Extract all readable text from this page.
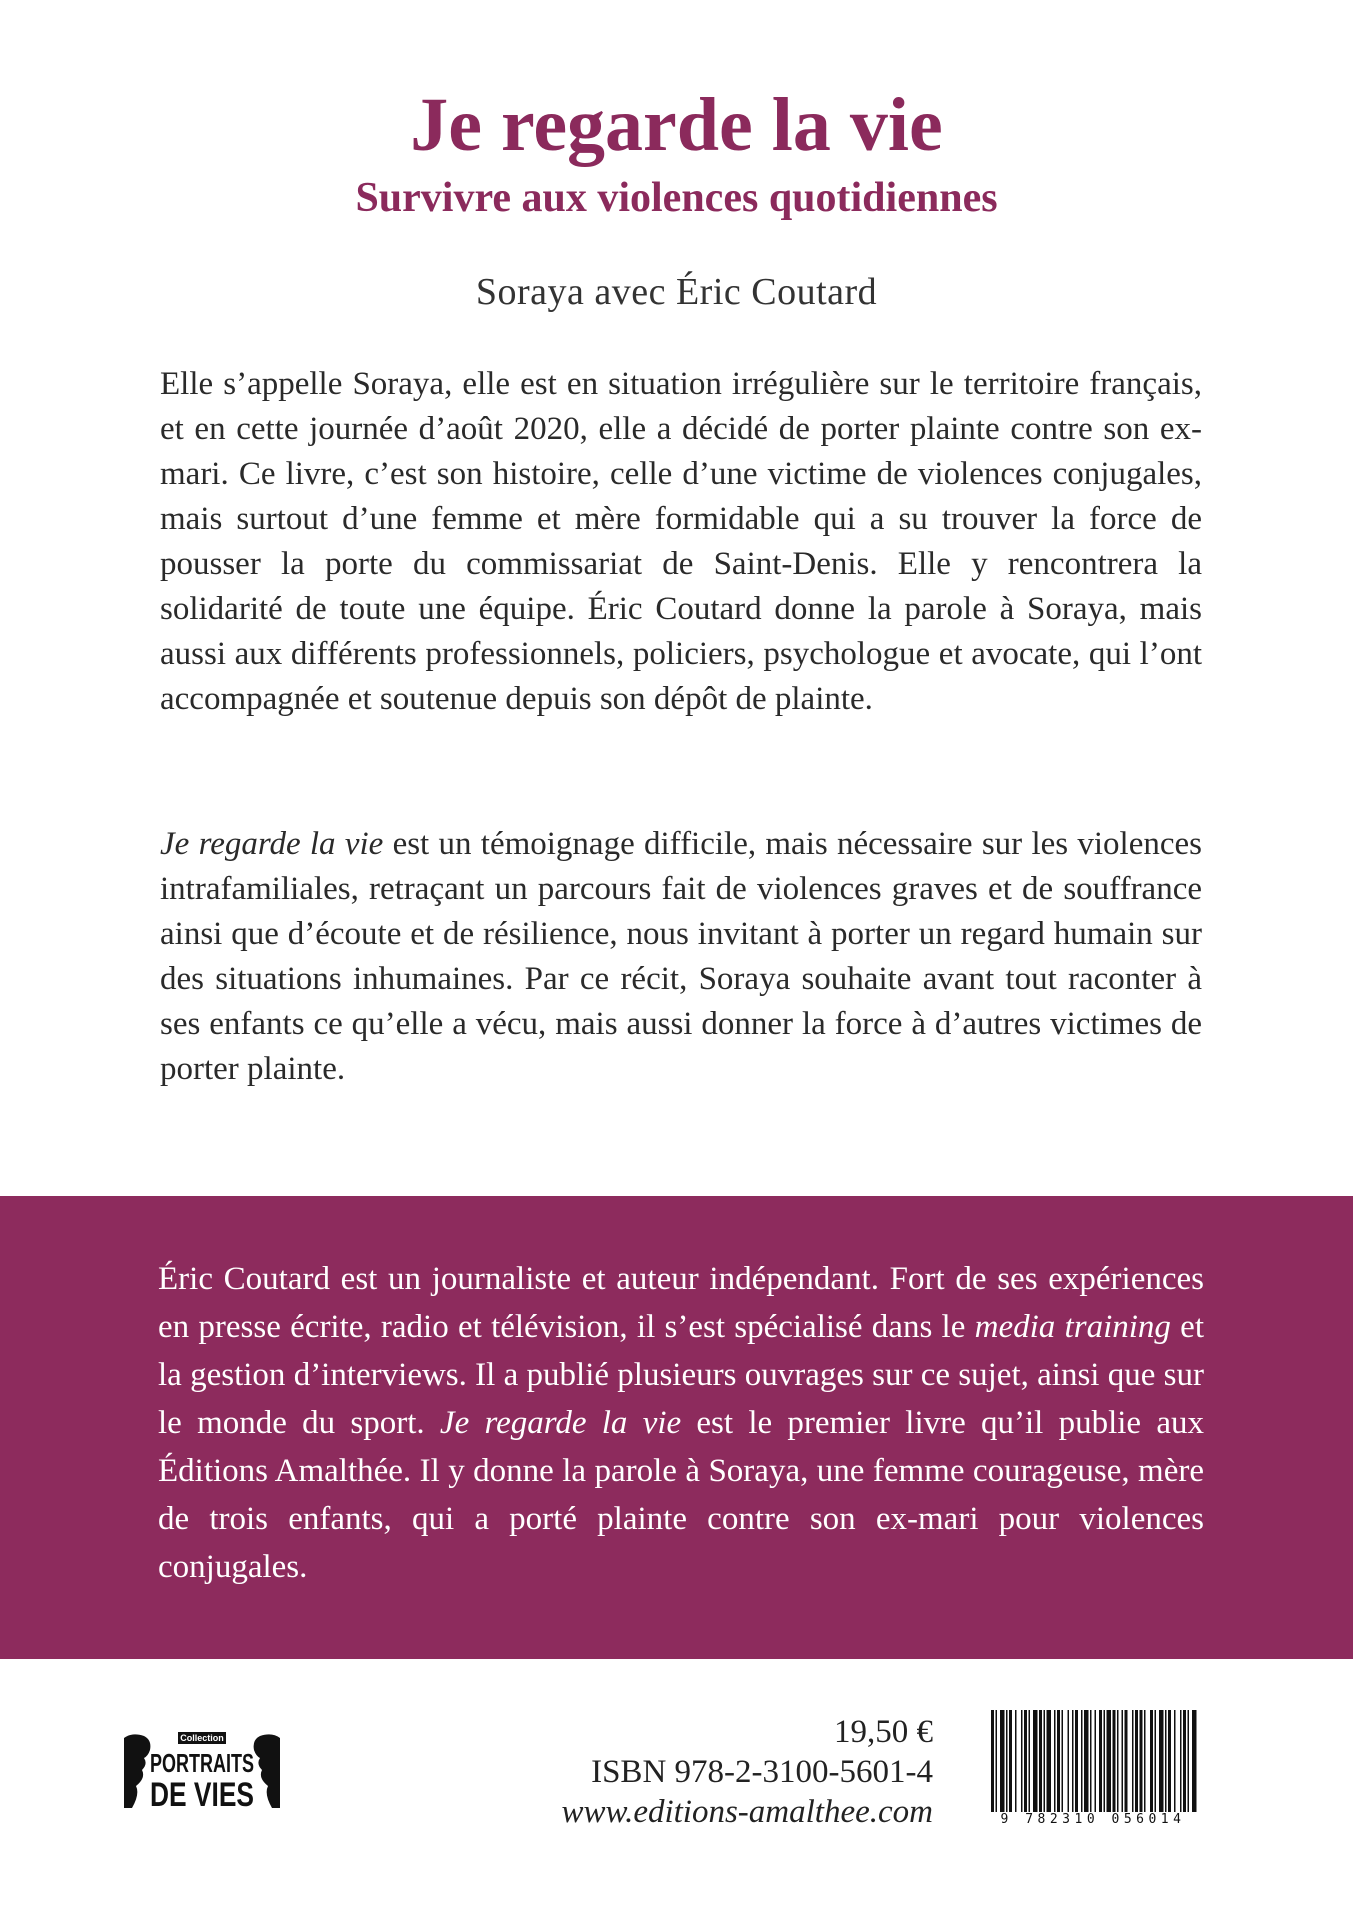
Je regarde la vie
Survivre aux violences quotidiennes
Soraya avec Éric Coutard

Elle s’appelle Soraya, elle est en situation irrégulière sur le territoire français, et en cette journée d’août 2020, elle a décidé de porter plainte contre son ex-mari. Ce livre, c’est son histoire, celle d’une victime de violences conjugales, mais surtout d’une femme et mère formidable qui a su trouver la force de pousser la porte du commissariat de Saint-Denis. Elle y rencontrera la solidarité de toute une équipe. Éric Coutard donne la parole à Soraya, mais aussi aux différents professionnels, policiers, psychologue et avocate, qui l’ont accompagnée et soutenue depuis son dépôt de plainte.

Je regarde la vie est un témoignage difficile, mais nécessaire sur les violences intrafamiliales, retraçant un parcours fait de violences graves et de souffrance ainsi que d’écoute et de résilience, nous invitant à porter un regard humain sur des situations inhumaines. Par ce récit, Soraya souhaite avant tout raconter à ses enfants ce qu’elle a vécu, mais aussi donner la force à d’autres victimes de porter plainte.

Éric Coutard est un journaliste et auteur indépendant. Fort de ses expériences en presse écrite, radio et télévision, il s’est spécialisé dans le media training et la gestion d’interviews. Il a publié plusieurs ouvrages sur ce sujet, ainsi que sur le monde du sport. Je regarde la vie est le premier livre qu’il publie aux Éditions Amalthée. Il y donne la parole à Soraya, une femme courageuse, mère de trois enfants, qui a porté plainte contre son ex-mari pour violences conjugales.

Collection
PORTRAITS
DE VIES
19,50 €
ISBN 978-2-3100-5601-4
www.editions-amalthee.com	9 782310 056014
